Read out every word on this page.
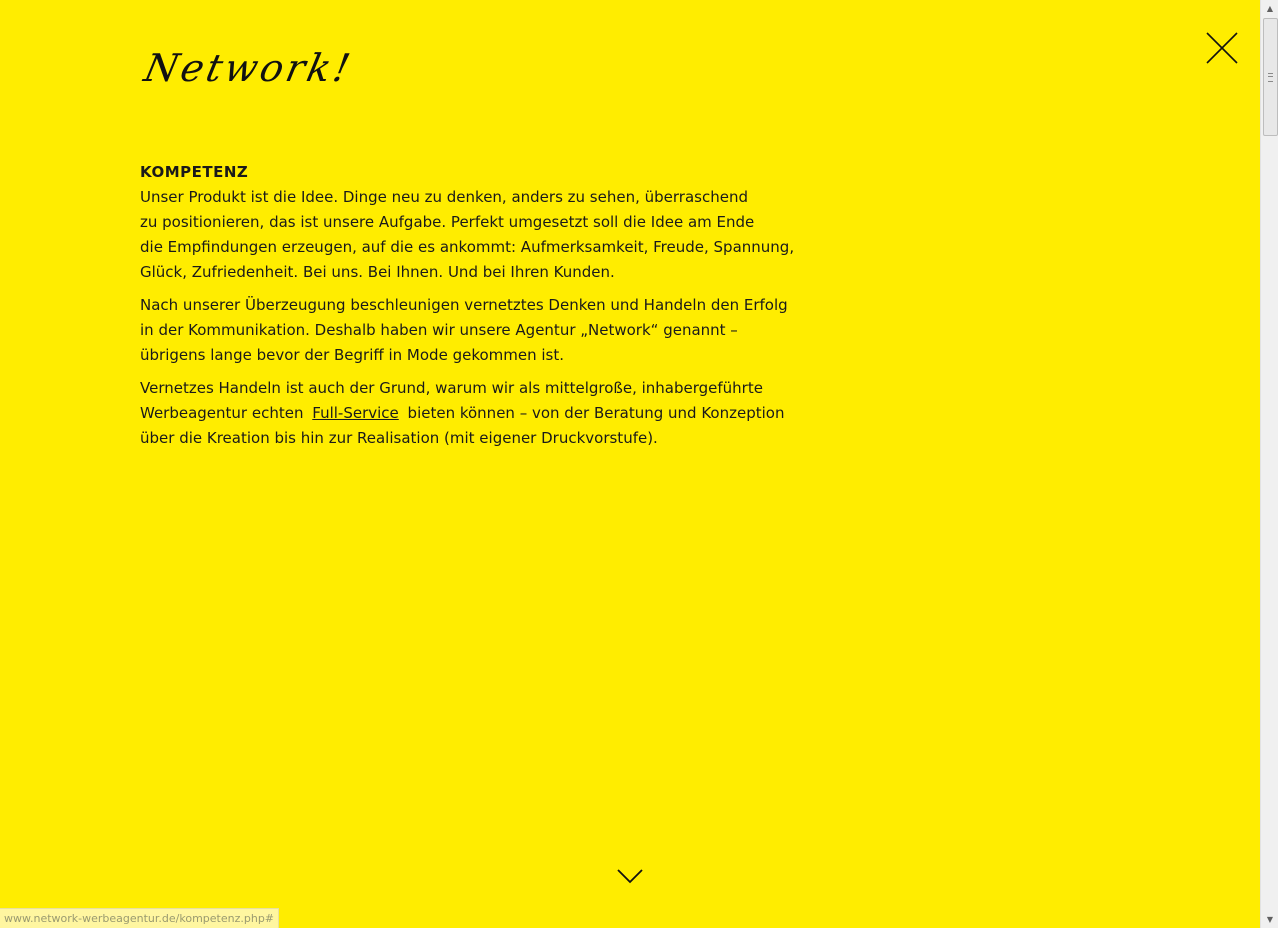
Network!
KOMPETENZ

Unser Produkt ist die Idee. Dinge neu zu denken, anders zu sehen, überraschend
zu positionieren, das ist unsere Aufgabe. Perfekt umgesetzt soll die Idee am Ende
die Empfindungen erzeugen, auf die es ankommt: Aufmerksamkeit, Freude, Spannung,
Glück, Zufriedenheit. Bei uns. Bei Ihnen. Und bei Ihren Kunden.

Nach unserer Überzeugung beschleunigen vernetztes Denken und Handeln den Erfolg
in der Kommunikation. Deshalb haben wir unsere Agentur „Network“ genannt –
übrigens lange bevor der Begriff in Mode gekommen ist.

Vernetzes Handeln ist auch der Grund, warum wir als mittelgroße, inhabergeführte
Werbeagentur echten Full-Service bieten können – von der Beratung und Konzeption
über die Kreation bis hin zur Realisation (mit eigener Druckvorstufe).

www.network-werbeagentur.de/kompetenz.php#
▲
▼
